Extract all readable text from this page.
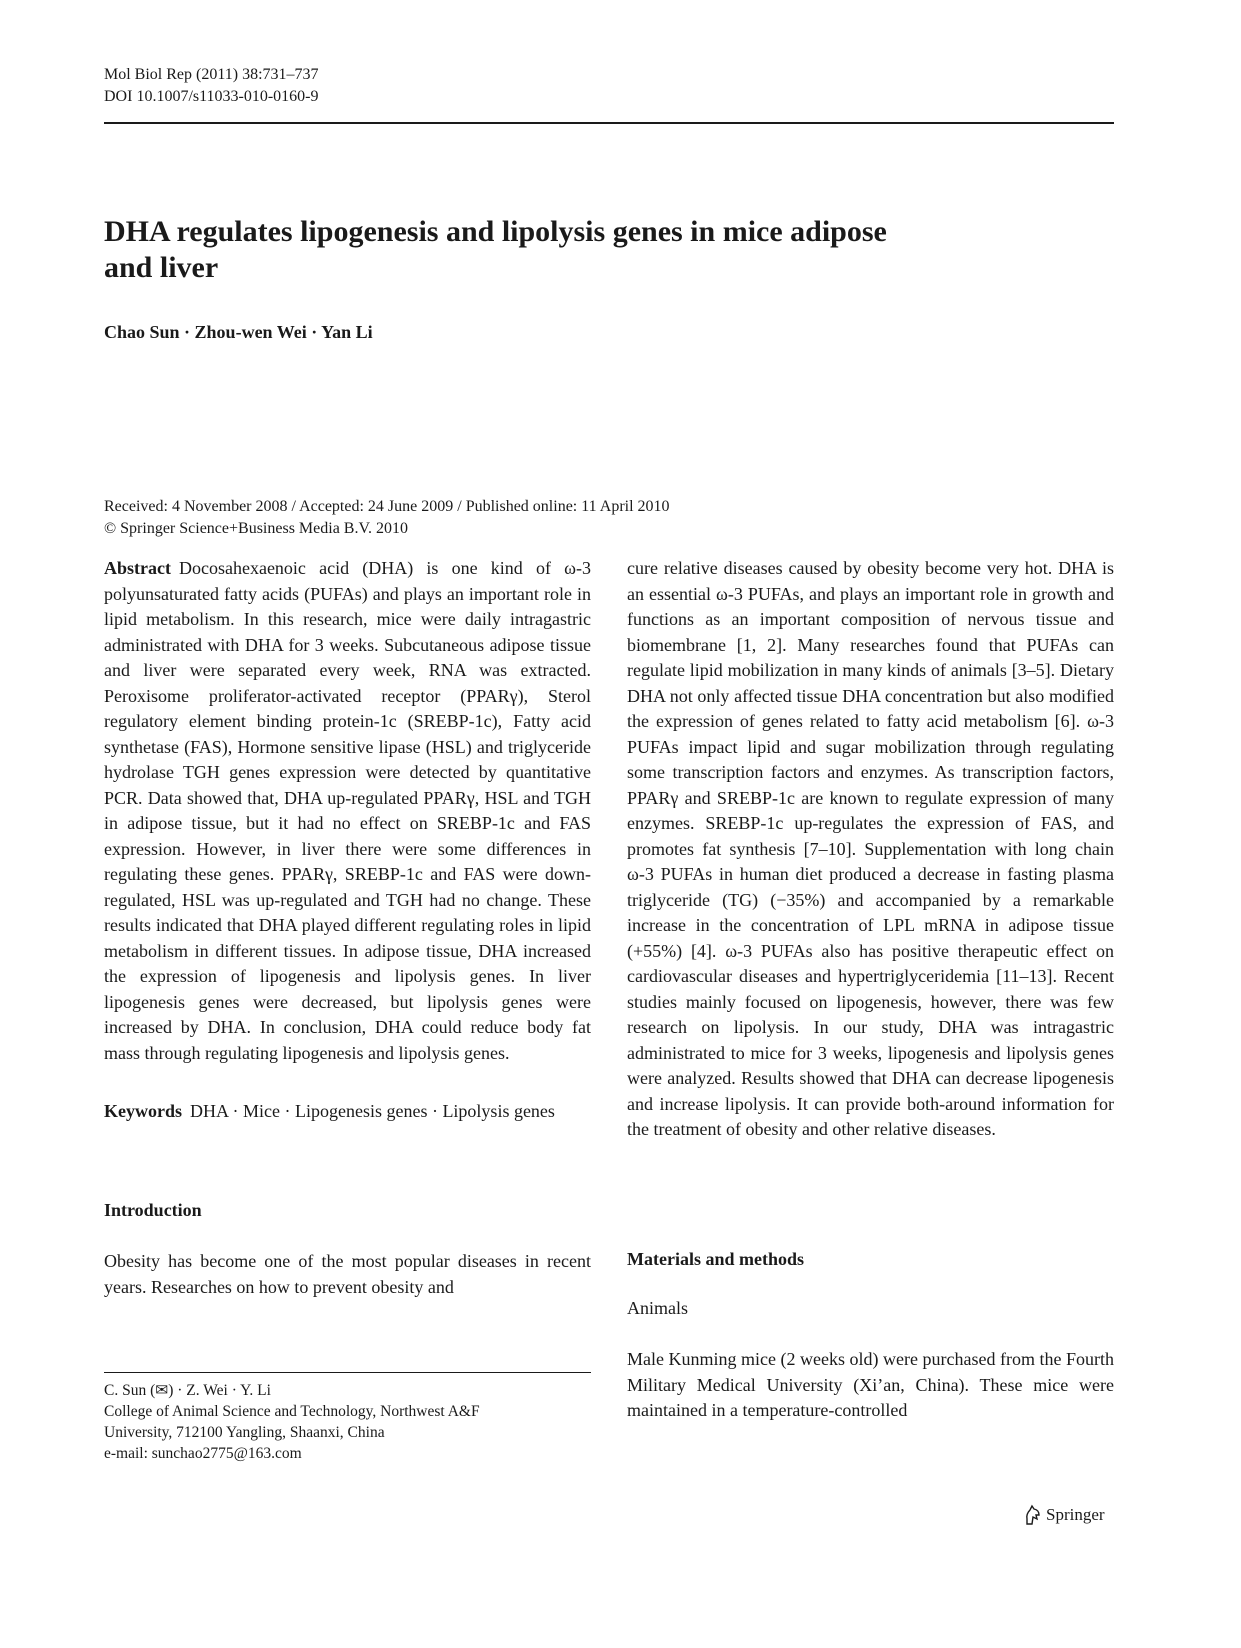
Mol Biol Rep (2011) 38:731–737
DOI 10.1007/s11033-010-0160-9
DHA regulates lipogenesis and lipolysis genes in mice adipose
and liver
Chao Sun · Zhou-wen Wei · Yan Li
Received: 4 November 2008 / Accepted: 24 June 2009 / Published online: 11 April 2010
© Springer Science+Business Media B.V. 2010

Abstract Docosahexaenoic acid (DHA) is one kind of ω-3 polyunsaturated fatty acids (PUFAs) and plays an important role in lipid metabolism. In this research, mice were daily intragastric administrated with DHA for 3 weeks. Subcutaneous adipose tissue and liver were separated every week, RNA was extracted. Peroxisome proliferator-activated receptor (PPARγ), Sterol regulatory element binding protein-1c (SREBP-1c), Fatty acid synthetase (FAS), Hormone sensitive lipase (HSL) and triglyceride hydrolase TGH genes expression were detected by quantitative PCR. Data showed that, DHA up-regulated PPARγ, HSL and TGH in adipose tissue, but it had no effect on SREBP-1c and FAS expression. However, in liver there were some differences in regulating these genes. PPARγ, SREBP-1c and FAS were down-regulated, HSL was up-regulated and TGH had no change. These results indicated that DHA played different regulating roles in lipid metabolism in different tissues. In adipose tissue, DHA increased the expression of lipogenesis and lipolysis genes. In liver lipogenesis genes were decreased, but lipolysis genes were increased by DHA. In conclusion, DHA could reduce body fat mass through regulating lipogenesis and lipolysis genes.

Keywords DHA · Mice · Lipogenesis genes · Lipolysis genes

Introduction
Obesity has become one of the most popular diseases in recent years. Researches on how to prevent obesity and
C. Sun (✉) · Z. Wei · Y. Li
College of Animal Science and Technology, Northwest A&F
University, 712100 Yangling, Shaanxi, China
e-mail: sunchao2775@163.com
cure relative diseases caused by obesity become very hot. DHA is an essential ω-3 PUFAs, and plays an important role in growth and functions as an important composition of nervous tissue and biomembrane [1, 2]. Many researches found that PUFAs can regulate lipid mobilization in many kinds of animals [3–5]. Dietary DHA not only affected tissue DHA concentration but also modified the expression of genes related to fatty acid metabolism [6]. ω-3 PUFAs impact lipid and sugar mobilization through regulating some transcription factors and enzymes. As transcription factors, PPARγ and SREBP-1c are known to regulate expression of many enzymes. SREBP-1c up-regulates the expression of FAS, and promotes fat synthesis [7–10]. Supplementation with long chain ω-3 PUFAs in human diet produced a decrease in fasting plasma triglyceride (TG) (−35%) and accompanied by a remarkable increase in the concentration of LPL mRNA in adipose tissue (+55%) [4]. ω-3 PUFAs also has positive therapeutic effect on cardiovascular diseases and hypertriglyceridemia [11–13]. Recent studies mainly focused on lipogenesis, however, there was few research on lipolysis. In our study, DHA was intragastric administrated to mice for 3 weeks, lipogenesis and lipolysis genes were analyzed. Results showed that DHA can decrease lipogenesis and increase lipolysis. It can provide both-around information for the treatment of obesity and other relative diseases.
Materials and methods
Animals
Male Kunming mice (2 weeks old) were purchased from the Fourth Military Medical University (Xi’an, China). These mice were maintained in a temperature-controlled
Springer
